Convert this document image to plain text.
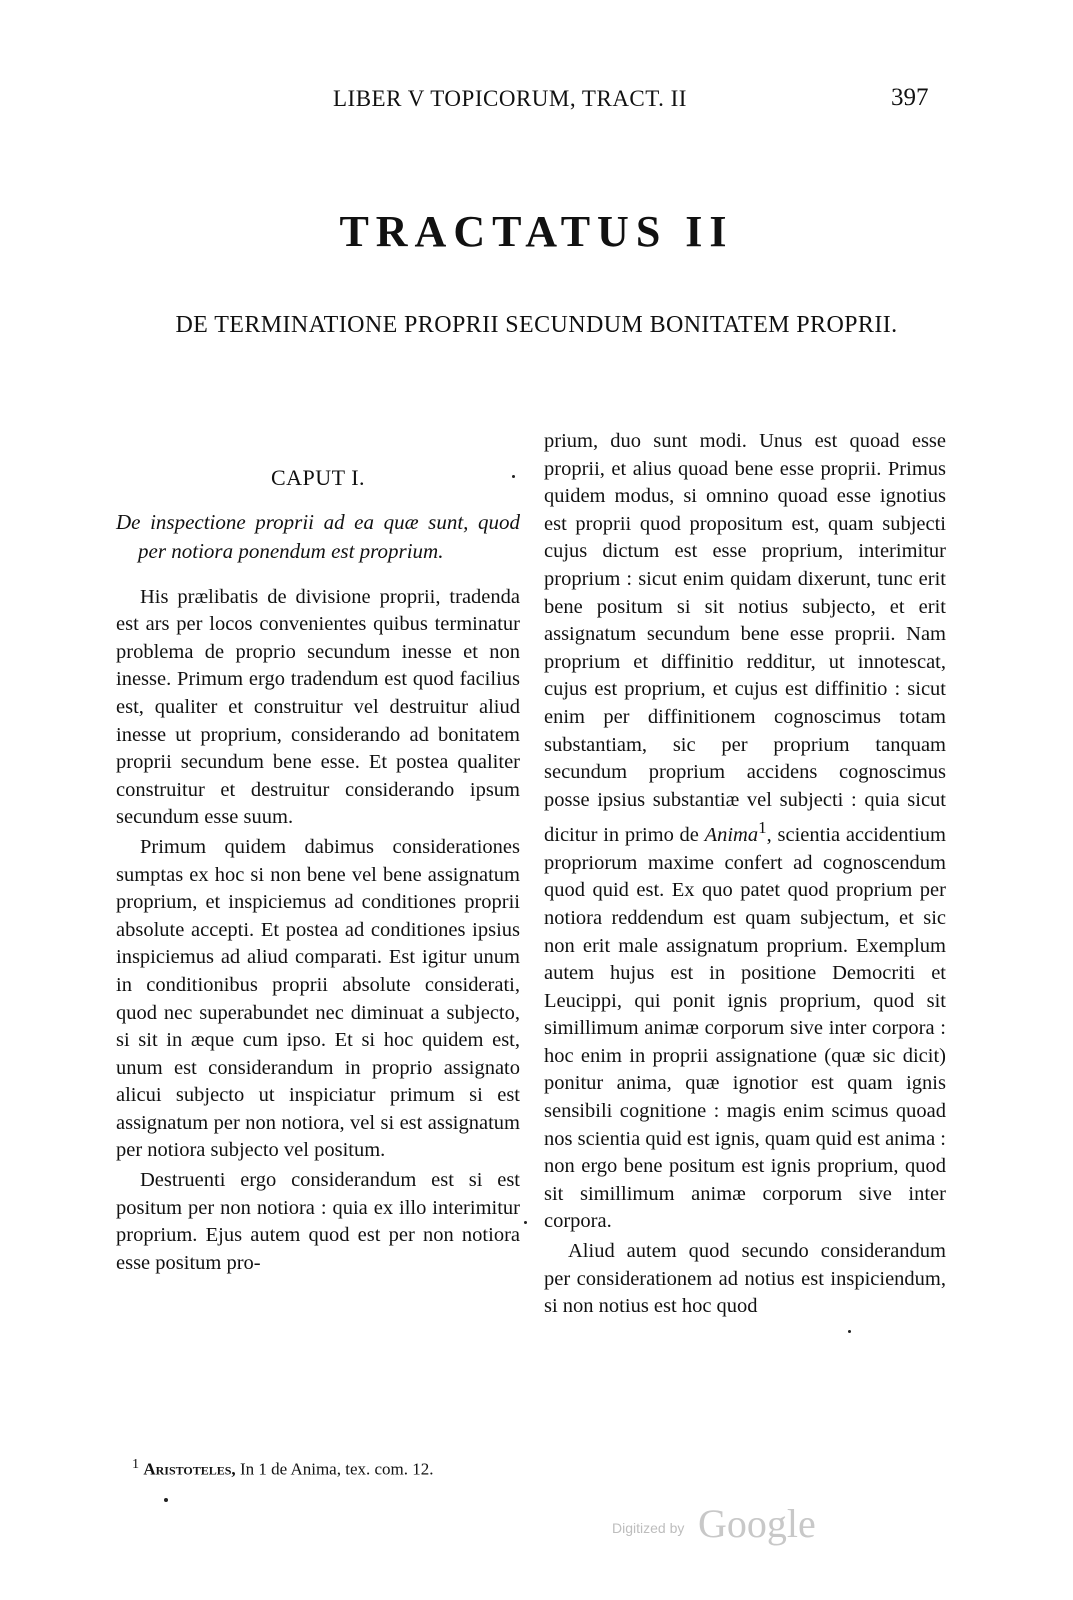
LIBER V TOPICORUM, TRACT. II	397
TRACTATUS II
DE TERMINATIONE PROPRII SECUNDUM BONITATEM PROPRII.
CAPUT I.

De inspectione proprii ad ea quæ sunt, quod per notiora ponendum est proprium.

His prælibatis de divisione proprii, tradenda est ars per locos convenientes quibus terminatur problema de proprio secundum inesse et non inesse. Primum ergo tradendum est quod facilius est, qualiter et construitur vel destruitur aliud inesse ut proprium, considerando ad bonitatem proprii secundum bene esse. Et postea qualiter construitur et destruitur considerando ipsum secundum esse suum.

Primum quidem dabimus considerationes sumptas ex hoc si non bene vel bene assignatum proprium, et inspiciemus ad conditiones proprii absolute accepti. Et postea ad conditiones ipsius inspiciemus ad aliud comparati. Est igitur unum in conditionibus proprii absolute considerati, quod nec superabundet nec diminuat a subjecto, si sit in æque cum ipso. Et si hoc quidem est, unum est considerandum in proprio assignato alicui subjecto ut inspiciatur primum si est assignatum per non notiora, vel si est assignatum per notiora subjecto vel positum.

Destruenti ergo considerandum est si est positum per non notiora : quia ex illo interimitur proprium. Ejus autem quod est per non notiora esse positum pro-

prium, duo sunt modi. Unus est quoad esse proprii, et alius quoad bene esse proprii. Primus quidem modus, si omnino quoad esse ignotius est proprii quod propositum est, quam subjecti cujus dictum est esse proprium, interimitur proprium : sicut enim quidam dixerunt, tunc erit bene positum si sit notius subjecto, et erit assignatum secundum bene esse proprii. Nam proprium et diffinitio redditur, ut innotescat, cujus est proprium, et cujus est diffinitio : sicut enim per diffinitionem cognoscimus totam substantiam, sic per proprium tanquam secundum proprium accidens cognoscimus posse ipsius substantiæ vel subjecti : quia sicut dicitur in primo de Anima$^1$, scientia accidentium propriorum maxime confert ad cognoscendum quod quid est. Ex quo patet quod proprium per notiora reddendum est quam subjectum, et sic non erit male assignatum proprium. Exemplum autem hujus est in positione Democriti et Leucippi, qui ponit ignis proprium, quod sit simillimum animæ corporum sive inter corpora : hoc enim in proprii assignatione (quæ sic dicit) ponitur anima, quæ ignotior est quam ignis sensibili cognitione : magis enim scimus quoad nos scientia quid est ignis, quam quid est anima : non ergo bene positum est ignis proprium, quod sit simillimum animæ corporum sive inter corpora.

Aliud autem quod secundo considerandum per considerationem ad notius est inspiciendum, si non notius est hoc quod

$^1$ Aristoteles, In 1 de Anima, tex. com. 12.
Digitized by Google
